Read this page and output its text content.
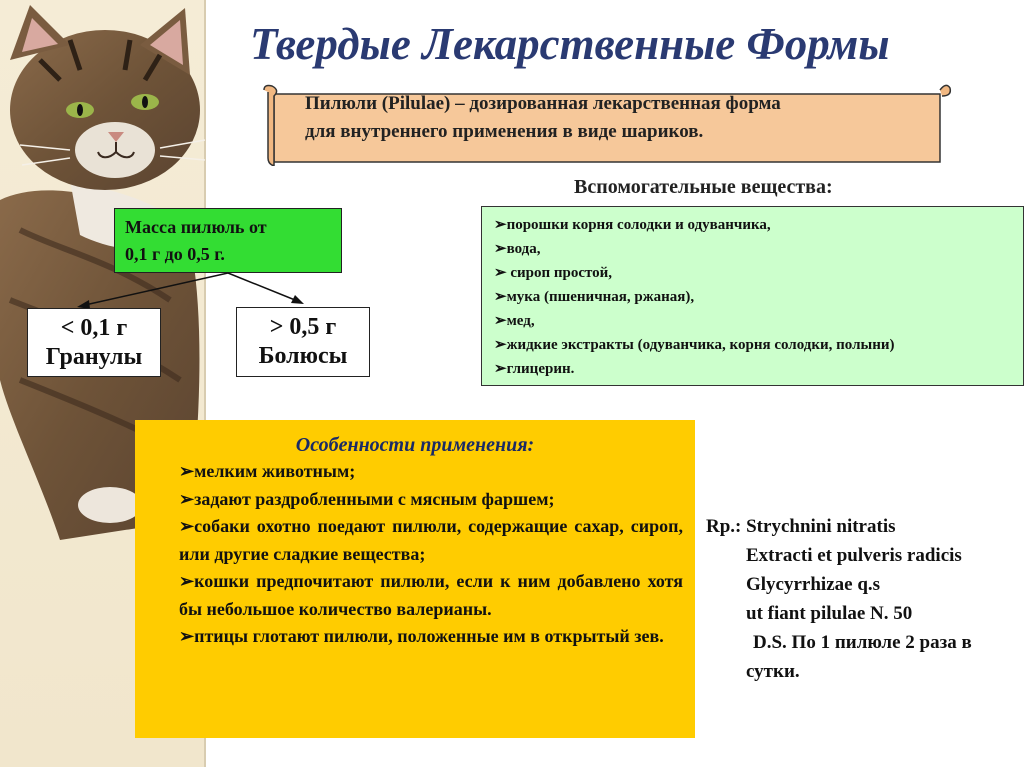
Твердые Лекарственные Формы
Пилюли (Pilulae) – дозированная лекарственная форма
для внутреннего применения в виде шариков.
Вспомогательные вещества:
➢порошки корня солодки и одуванчика,
➢вода,
➢ сироп простой,
➢мука (пшеничная, ржаная),
➢мед,
➢жидкие экстракты (одуванчика, корня солодки, полыни)
➢глицерин.
Масса пилюль от
0,1 г до 0,5 г.
< 0,1 г
Гранулы
> 0,5 г
Болюсы
Особенности применения:
➢мелким животным;
➢задают раздробленными с мясным фаршем;
➢собаки охотно поедают пилюли, содержащие сахар, сироп, или другие сладкие вещества;
➢кошки предпочитают пилюли, если к ним добавлено хотя бы небольшое количество валерианы.
➢птицы глотают пилюли, положенные им в открытый зев.
Rp.: Strychnini nitratis
Extracti et pulveris radicis
Glycyrrhizae q.s
ut fiant pilulae N. 50
D.S. По 1 пилюле 2 раза в
сутки.
